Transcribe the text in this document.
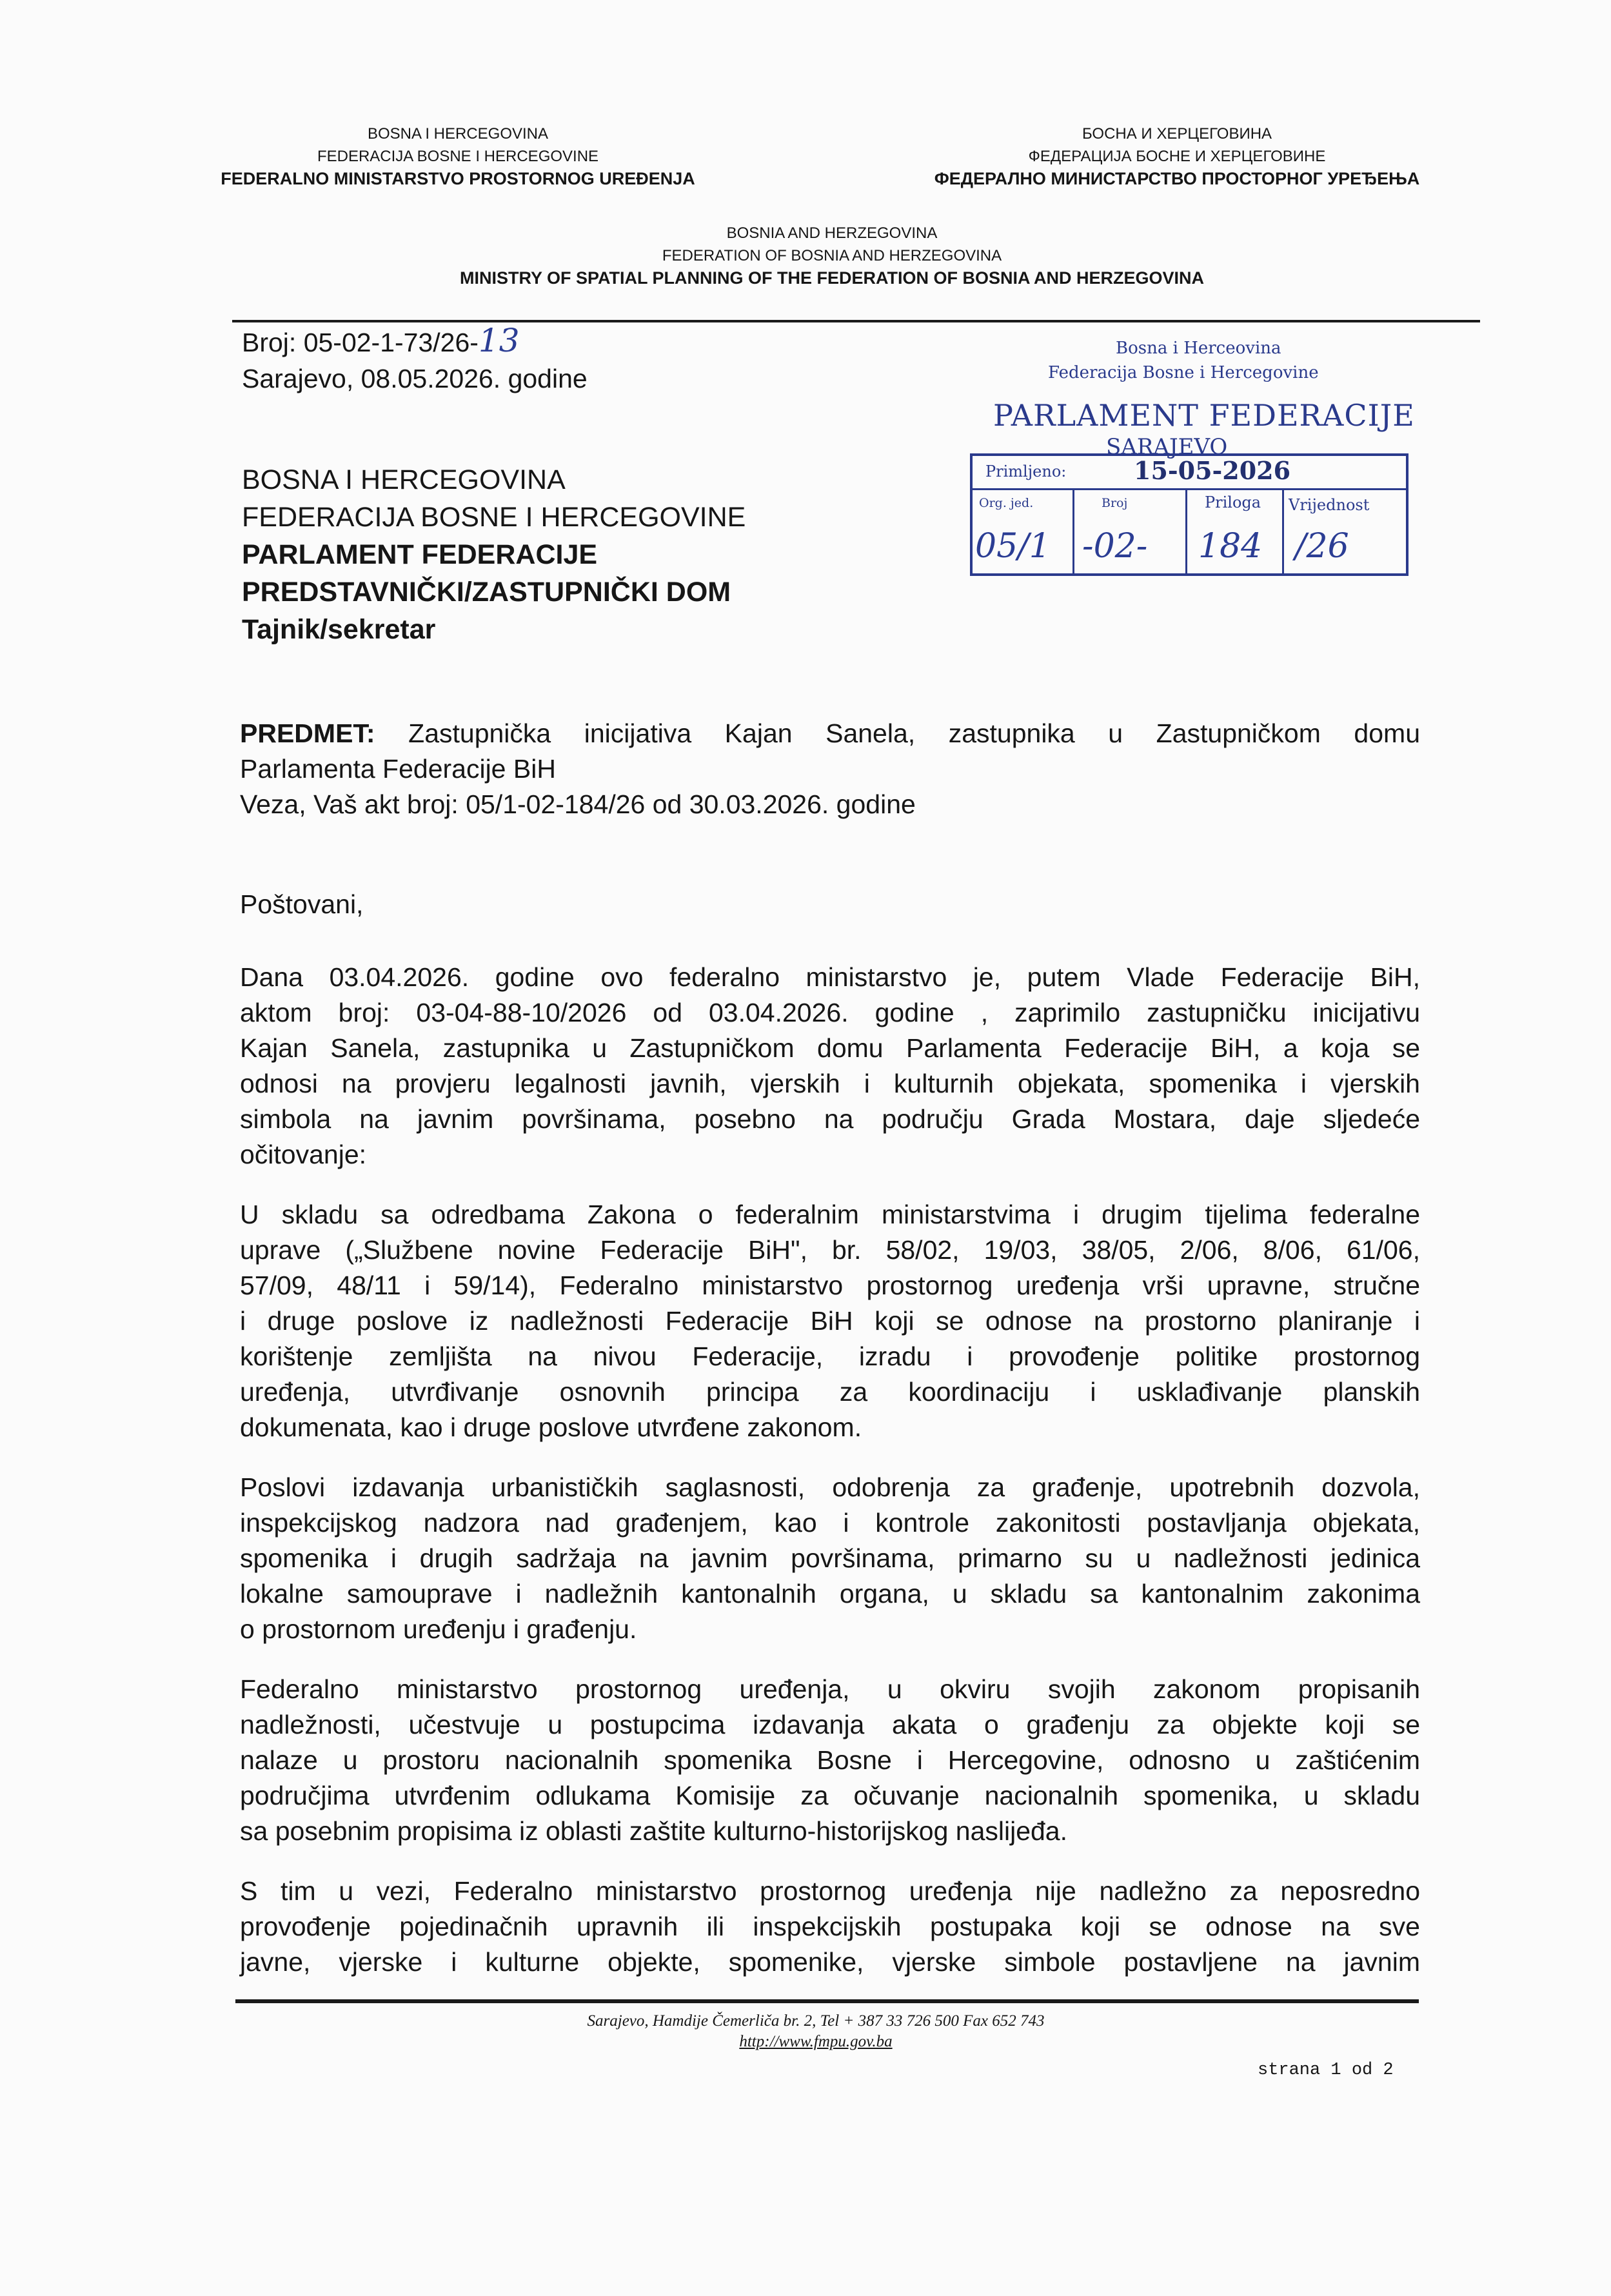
BOSNA I HERCEGOVINA
FEDERACIJA BOSNE I HERCEGOVINE
FEDERALNO MINISTARSTVO PROSTORNOG UREĐENJA
БОСНА И ХЕРЦЕГОВИНА
ФЕДЕРАЦИЈА БОСНЕ И ХЕРЦЕГОВИНЕ
ФЕДЕРАЛНО МИНИСТАРСТВО ПРОСТОРНОГ УРЕЂЕЊА
BOSNIA AND HERZEGOVINA
FEDERATION OF BOSNIA AND HERZEGOVINA
MINISTRY OF SPATIAL PLANNING OF THE FEDERATION OF BOSNIA AND HERZEGOVINA
Broj: 05-02-1-73/26-13
Sarajevo, 08.05.2026. godine
BOSNA I HERCEGOVINA
FEDERACIJA BOSNE I HERCEGOVINE
PARLAMENT FEDERACIJE
PREDSTAVNIČKI/ZASTUPNIČKI DOM
Tajnik/sekretar
Bosna i Herceovina
Federacija Bosne i Hercegovine
PARLAMENT FEDERACIJE
SARAJEVO
Primljeno:	15-05-2026
Org. jed.	Broj	Priloga Vrijednost
05/1 -02- 184 /26
PREDMET: Zastupnička inicijativa Kajan Sanela, zastupnika u Zastupničkom domu
Parlamenta Federacije BiH
Veza, Vaš akt broj: 05/1-02-184/26 od 30.03.2026. godine
Poštovani,
Dana 03.04.2026. godine ovo federalno ministarstvo je, putem Vlade Federacije BiH,
aktom broj: 03-04-88-10/2026 od 03.04.2026. godine , zaprimilo zastupničku inicijativu
Kajan Sanela, zastupnika u Zastupničkom domu Parlamenta Federacije BiH, a koja se
odnosi na provjeru legalnosti javnih, vjerskih i kulturnih objekata, spomenika i vjerskih
simbola na javnim površinama, posebno na području Grada Mostara, daje sljedeće
očitovanje:
U skladu sa odredbama Zakona o federalnim ministarstvima i drugim tijelima federalne
uprave („Službene novine Federacije BiH", br. 58/02, 19/03, 38/05, 2/06, 8/06, 61/06,
57/09, 48/11 i 59/14), Federalno ministarstvo prostornog uređenja vrši upravne, stručne
i druge poslove iz nadležnosti Federacije BiH koji se odnose na prostorno planiranje i
korištenje zemljišta na nivou Federacije, izradu i provođenje politike prostornog
uređenja, utvrđivanje osnovnih principa za koordinaciju i usklađivanje planskih
dokumenata, kao i druge poslove utvrđene zakonom.
Poslovi izdavanja urbanističkih saglasnosti, odobrenja za građenje, upotrebnih dozvola,
inspekcijskog nadzora nad građenjem, kao i kontrole zakonitosti postavljanja objekata,
spomenika i drugih sadržaja na javnim površinama, primarno su u nadležnosti jedinica
lokalne samouprave i nadležnih kantonalnih organa, u skladu sa kantonalnim zakonima
o prostornom uređenju i građenju.
Federalno ministarstvo prostornog uređenja, u okviru svojih zakonom propisanih
nadležnosti, učestvuje u postupcima izdavanja akata o građenju za objekte koji se
nalaze u prostoru nacionalnih spomenika Bosne i Hercegovine, odnosno u zaštićenim
područjima utvrđenim odlukama Komisije za očuvanje nacionalnih spomenika, u skladu
sa posebnim propisima iz oblasti zaštite kulturno-historijskog naslijeđa.
S tim u vezi, Federalno ministarstvo prostornog uređenja nije nadležno za neposredno
provođenje pojedinačnih upravnih ili inspekcijskih postupaka koji se odnose na sve
javne, vjerske i kulturne objekte, spomenike, vjerske simbole postavljene na javnim
Sarajevo, Hamdije Čemerliča br. 2, Tel + 387 33 726 500 Fax 652 743
http://www.fmpu.gov.ba
strana 1 od 2
